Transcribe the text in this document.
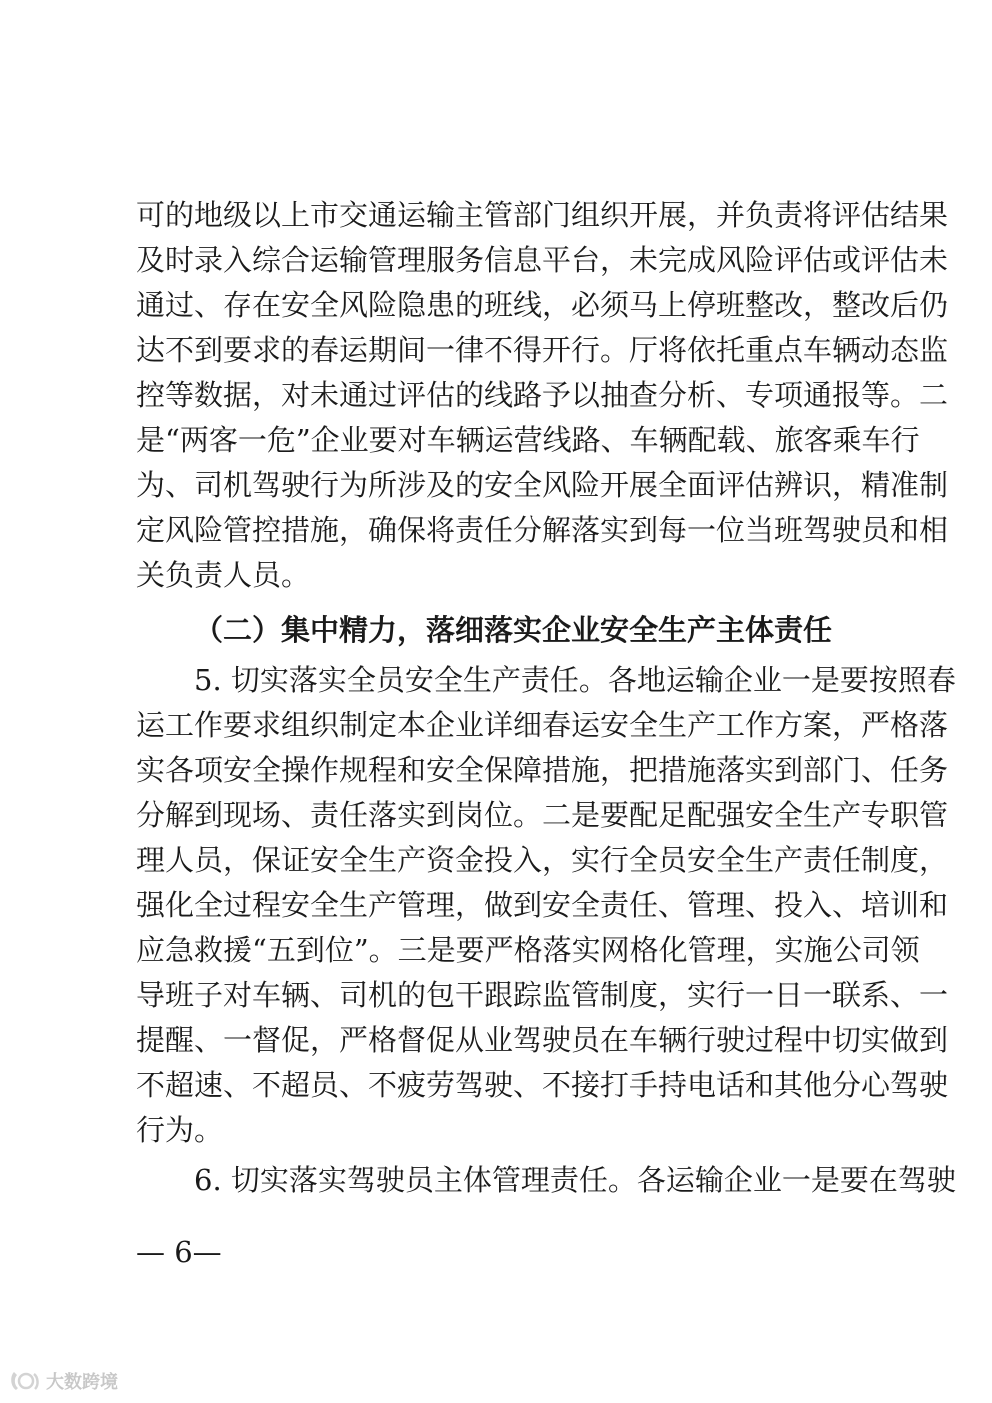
可的地级以上市交通运输主管部门组织开展，并负责将评估结果
及时录入综合运输管理服务信息平台，未完成风险评估或评估未
通过、存在安全风险隐患的班线，必须马上停班整改，整改后仍
达不到要求的春运期间一律不得开行。厅将依托重点车辆动态监
控等数据，对未通过评估的线路予以抽查分析、专项通报等。二
是“两客一危”企业要对车辆运营线路、车辆配载、旅客乘车行
为、司机驾驶行为所涉及的安全风险开展全面评估辨识，精准制
定风险管控措施，确保将责任分解落实到每一位当班驾驶员和相
关负责人员。
（二）集中精力，落细落实企业安全生产主体责任
5. 切实落实全员安全生产责任。各地运输企业一是要按照春
运工作要求组织制定本企业详细春运安全生产工作方案，严格落
实各项安全操作规程和安全保障措施，把措施落实到部门、任务
分解到现场、责任落实到岗位。二是要配足配强安全生产专职管
理人员，保证安全生产资金投入，实行全员安全生产责任制度，
强化全过程安全生产管理，做到安全责任、管理、投入、培训和
应急救援“五到位”。三是要严格落实网格化管理，实施公司领
导班子对车辆、司机的包干跟踪监管制度，实行一日一联系、一
提醒、一督促，严格督促从业驾驶员在车辆行驶过程中切实做到
不超速、不超员、不疲劳驾驶、不接打手持电话和其他分心驾驶
行为。
6. 切实落实驾驶员主体管理责任。各运输企业一是要在驾驶
— 6—
大数跨境
